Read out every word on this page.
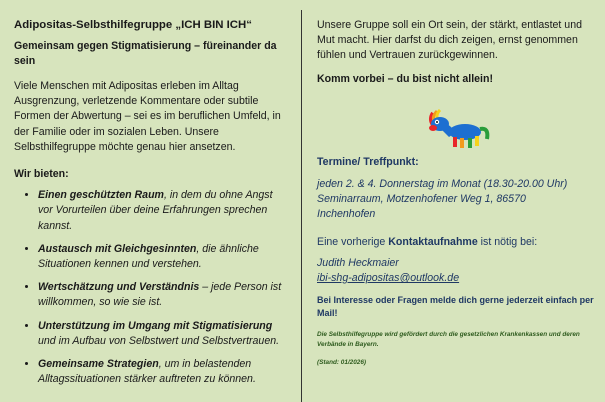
Adipositas-Selbsthilfegruppe „ICH BIN ICH“

Gemeinsam gegen Stigmatisierung – füreinander da sein

Viele Menschen mit Adipositas erleben im Alltag Ausgrenzung, verletzende Kommentare oder subtile Formen der Abwertung – sei es im beruflichen Umfeld, in der Familie oder im sozialen Leben. Unsere Selbsthilfegruppe möchte genau hier ansetzen.

Wir bieten:

• Einen geschützten Raum, in dem du ohne Angst vor Vorurteilen über deine Erfahrungen sprechen kannst.
• Austausch mit Gleichgesinnten, die ähnliche Situationen kennen und verstehen.
• Wertschätzung und Verständnis – jede Person ist willkommen, so wie sie ist.
• Unterstützung im Umgang mit Stigmatisierung und im Aufbau von Selbstwert und Selbstvertrauen.
• Gemeinsame Strategien, um in belastenden Alltagssituationen stärker auftreten zu können.

Unsere Gruppe soll ein Ort sein, der stärkt, entlastet und Mut macht. Hier darfst du dich zeigen, ernst genommen fühlen und Vertrauen zurückgewinnen.

Komm vorbei – du bist nicht allein!

Termine/ Treffpunkt:

jeden 2. & 4. Donnerstag im Monat (18.30-20.00 Uhr)
Seminarraum, Motzenhofener Weg 1, 86570
Inchenhofen

Eine vorherige Kontaktaufnahme ist nötig bei:

Judith Heckmaier
ibi-shg-adipositas@outlook.de

Bei Interesse oder Fragen melde dich gerne jederzeit einfach per Mail!

Die Selbsthilfegruppe wird gefördert durch die gesetzlichen Krankenkassen und deren Verbände in Bayern.

(Stand: 01/2026)
